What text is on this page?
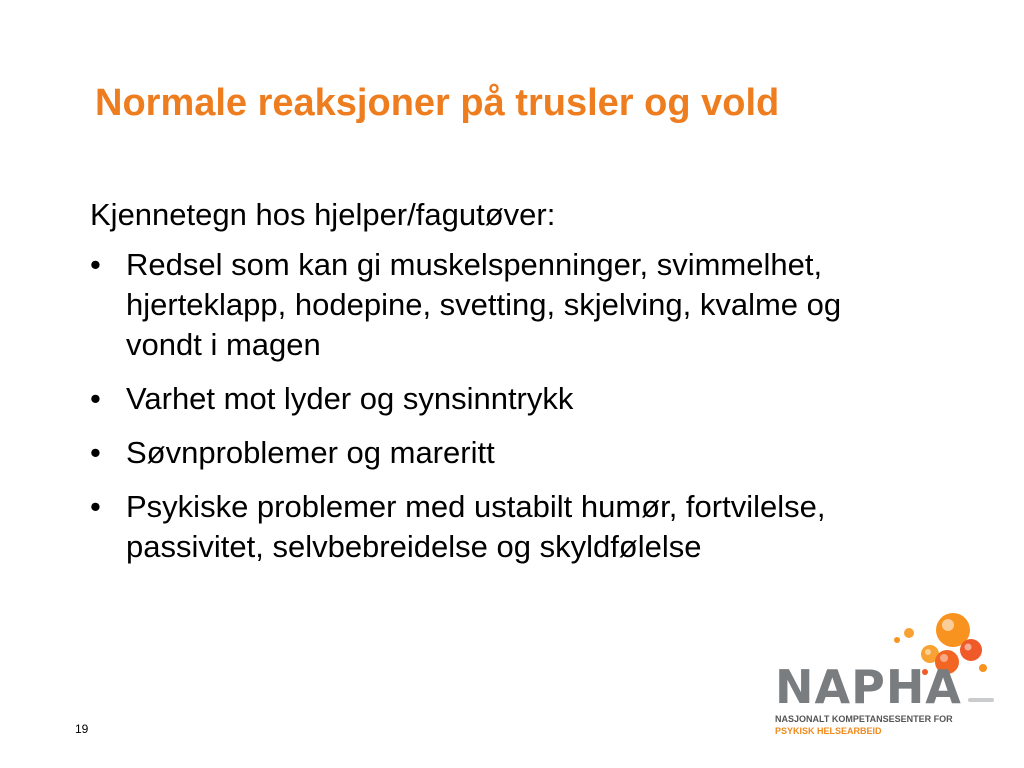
Normale reaksjoner på trusler og vold

Kjennetegn hos hjelper/fagutøver:

• Redsel som kan gi muskelspenninger, svimmelhet, hjerteklapp, hodepine, svetting, skjelving, kvalme og vondt i magen
• Varhet mot lyder og synsinntrykk
• Søvnproblemer og mareritt
• Psykiske problemer med ustabilt humør, fortvilelse, passivitet, selvbebreidelse og skyldfølelse
19
NAPHA
NASJONALT KOMPETANSESENTER FOR
PSYKISK HELSEARBEID
